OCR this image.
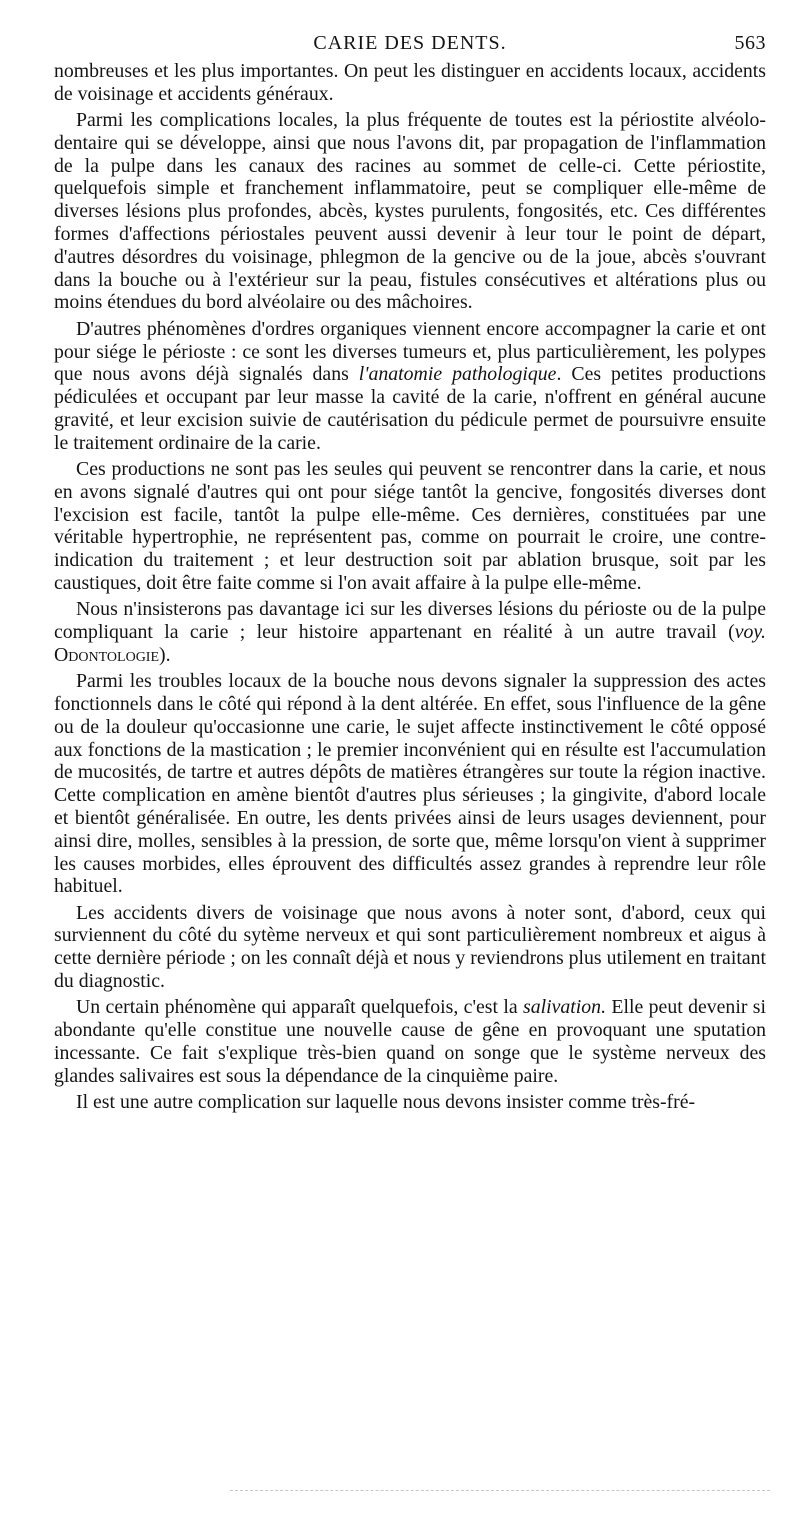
CARIE DES DENTS.	563

nombreuses et les plus importantes. On peut les distinguer en accidents locaux, accidents de voisinage et accidents généraux.

Parmi les complications locales, la plus fréquente de toutes est la périostite alvéolo-dentaire qui se développe, ainsi que nous l'avons dit, par propagation de l'inflammation de la pulpe dans les canaux des racines au sommet de celle-ci. Cette périostite, quelquefois simple et franchement inflammatoire, peut se compliquer elle-même de diverses lésions plus profondes, abcès, kystes purulents, fongosités, etc. Ces différentes formes d'affections périostales peuvent aussi devenir à leur tour le point de départ, d'autres désordres du voisinage, phlegmon de la gencive ou de la joue, abcès s'ouvrant dans la bouche ou à l'extérieur sur la peau, fistules consécutives et altérations plus ou moins étendues du bord alvéolaire ou des mâchoires.

D'autres phénomènes d'ordres organiques viennent encore accompagner la carie et ont pour siége le périoste : ce sont les diverses tumeurs et, plus particulièrement, les polypes que nous avons déjà signalés dans l'anatomie pathologique. Ces petites productions pédiculées et occupant par leur masse la cavité de la carie, n'offrent en général aucune gravité, et leur excision suivie de cautérisation du pédicule permet de poursuivre ensuite le traitement ordinaire de la carie.

Ces productions ne sont pas les seules qui peuvent se rencontrer dans la carie, et nous en avons signalé d'autres qui ont pour siége tantôt la gencive, fongosités diverses dont l'excision est facile, tantôt la pulpe elle-même. Ces dernières, constituées par une véritable hypertrophie, ne représentent pas, comme on pourrait le croire, une contre-indication du traitement ; et leur destruction soit par ablation brusque, soit par les caustiques, doit être faite comme si l'on avait affaire à la pulpe elle-même.

Nous n'insisterons pas davantage ici sur les diverses lésions du périoste ou de la pulpe compliquant la carie ; leur histoire appartenant en réalité à un autre travail (voy. Odontologie).

Parmi les troubles locaux de la bouche nous devons signaler la suppression des actes fonctionnels dans le côté qui répond à la dent altérée. En effet, sous l'influence de la gêne ou de la douleur qu'occasionne une carie, le sujet affecte instinctivement le côté opposé aux fonctions de la mastication ; le premier inconvénient qui en résulte est l'accumulation de mucosités, de tartre et autres dépôts de matières étrangères sur toute la région inactive. Cette complication en amène bientôt d'autres plus sérieuses ; la gingivite, d'abord locale et bientôt généralisée. En outre, les dents privées ainsi de leurs usages deviennent, pour ainsi dire, molles, sensibles à la pression, de sorte que, même lorsqu'on vient à supprimer les causes morbides, elles éprouvent des difficultés assez grandes à reprendre leur rôle habituel.

Les accidents divers de voisinage que nous avons à noter sont, d'abord, ceux qui surviennent du côté du sytème nerveux et qui sont particulièrement nombreux et aigus à cette dernière période ; on les connaît déjà et nous y reviendrons plus utilement en traitant du diagnostic.

Un certain phénomène qui apparaît quelquefois, c'est la salivation. Elle peut devenir si abondante qu'elle constitue une nouvelle cause de gêne en provoquant une sputation incessante. Ce fait s'explique très-bien quand on songe que le système nerveux des glandes salivaires est sous la dépendance de la cinquième paire.

Il est une autre complication sur laquelle nous devons insister comme très-fré-
